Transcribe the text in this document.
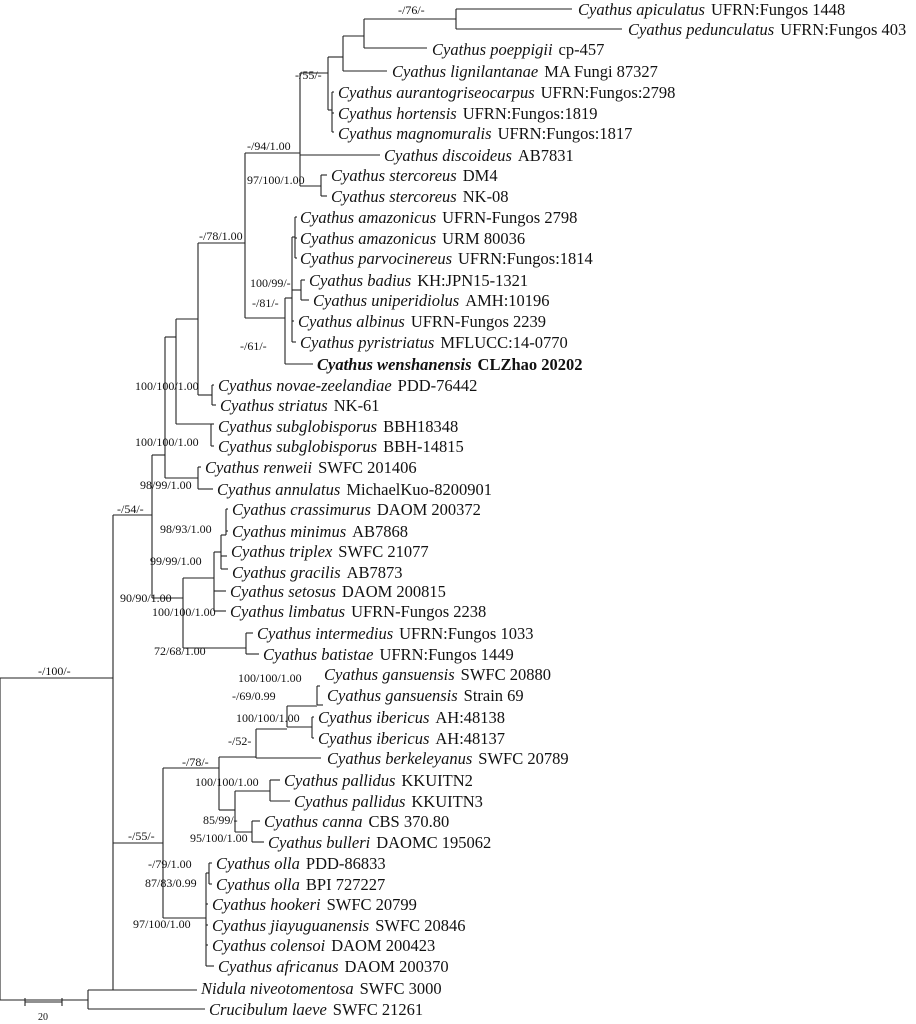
Cyathus apiculatus UFRN:Fungos 1448
Cyathus pedunculatus UFRN:Fungos 403
Cyathus poeppigii cp-457
Cyathus lignilantanae MA Fungi 87327
Cyathus aurantogriseocarpus UFRN:Fungos:2798
Cyathus hortensis UFRN:Fungos:1819
Cyathus magnomuralis UFRN:Fungos:1817
Cyathus discoideus AB7831
Cyathus stercoreus DM4
Cyathus stercoreus NK-08
Cyathus amazonicus UFRN-Fungos 2798
Cyathus amazonicus URM 80036
Cyathus parvocinereus UFRN:Fungos:1814
Cyathus badius KH:JPN15-1321
Cyathus uniperidiolus AMH:10196
Cyathus albinus UFRN-Fungos 2239
Cyathus pyristriatus MFLUCC:14-0770
Cyathus wenshanensis CLZhao 20202
Cyathus novae-zeelandiae PDD-76442
Cyathus striatus NK-61
Cyathus subglobisporus BBH18348
Cyathus subglobisporus BBH-14815
Cyathus renweii SWFC 201406
Cyathus annulatus MichaelKuo-8200901
Cyathus crassimurus DAOM 200372
Cyathus minimus AB7868
Cyathus triplex SWFC 21077
Cyathus gracilis AB7873
Cyathus setosus DAOM 200815
Cyathus limbatus UFRN-Fungos 2238
Cyathus intermedius UFRN:Fungos 1033
Cyathus batistae UFRN:Fungos 1449
Cyathus gansuensis SWFC 20880
Cyathus gansuensis Strain 69
Cyathus ibericus AH:48138
Cyathus ibericus AH:48137
Cyathus berkeleyanus SWFC 20789
Cyathus pallidus KKUITN2
Cyathus pallidus KKUITN3
Cyathus canna CBS 370.80
Cyathus bulleri DAOMC 195062
Cyathus olla PDD-86833
Cyathus olla BPI 727227
Cyathus hookeri SWFC 20799
Cyathus jiayuguanensis SWFC 20846
Cyathus colensoi DAOM 200423
Cyathus africanus DAOM 200370
Nidula niveotomentosa SWFC 3000
Crucibulum laeve SWFC 21261
-/76/-
-/55/-
-/94/1.00
97/100/1.00
-/78/1.00
100/99/-
-/81/-
-/61/-
100/100/1.00
100/100/1.00
98/99/1.00
-/54/-
98/93/1.00
99/99/1.00
90/90/1.00
100/100/1.00
72/68/1.00
-/100/-	100/100/1.00
-/69/0.99
100/100/1.00
-/52-
-/78/-
100/100/1.00
85/99/-
95/100/1.00
-/55/-
-/79/1.00
87/83/0.99
97/100/1.00
20
